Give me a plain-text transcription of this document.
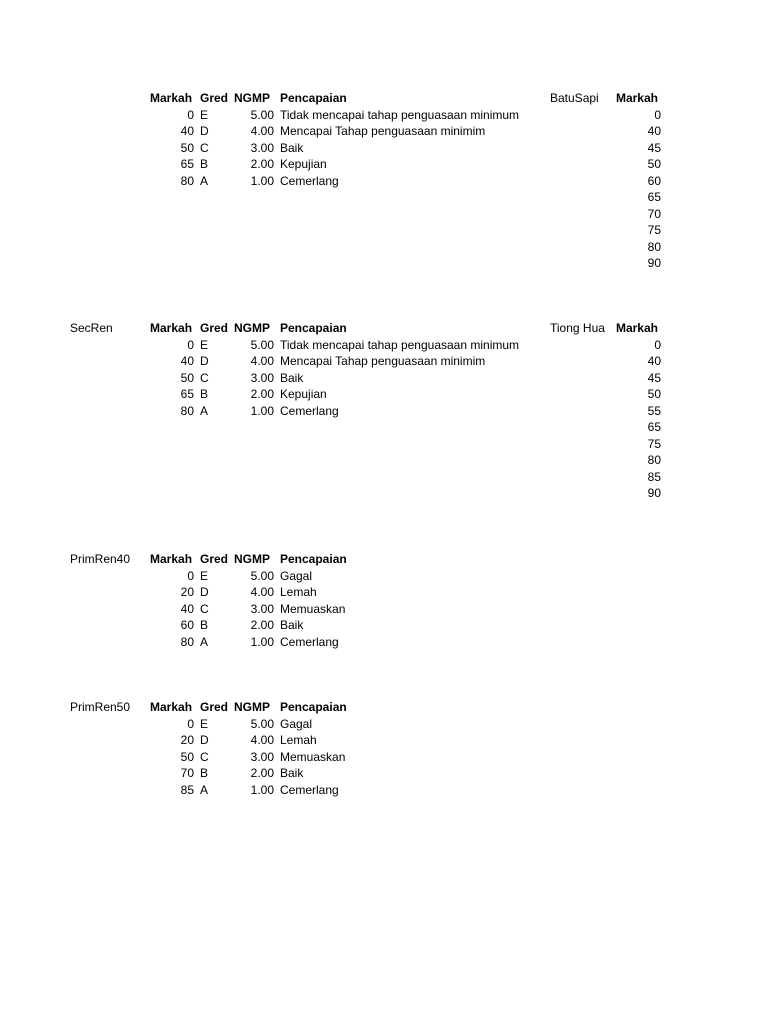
Markah Gred NGMP Pencapaian
0 E	5.00 Tidak mencapai tahap penguasaan minimum
40 D	4.00 Mencapai Tahap penguasaan minimim
50 C	3.00 Baik
65 B	2.00 Kepujian
80 A	1.00 Cemerlang
BatuSapi Markah
0
40
45
50
60
65
70
75
80
90
SecRen	Markah Gred NGMP Pencapaian
0 E	5.00 Tidak mencapai tahap penguasaan minimum
40 D	4.00 Mencapai Tahap penguasaan minimim
50 C	3.00 Baik
65 B	2.00 Kepujian
80 A	1.00 Cemerlang
Tiong Hua Markah
0
40
45
50
55
65
75
80
85
90
PrimRen40 Markah Gred NGMP Pencapaian
0 E	5.00 Gagal
20 D	4.00 Lemah
40 C	3.00 Memuaskan
60 B	2.00 Baik
80 A	1.00 Cemerlang
PrimRen50 Markah Gred NGMP Pencapaian
0 E	5.00 Gagal
20 D	4.00 Lemah
50 C	3.00 Memuaskan
70 B	2.00 Baik
85 A	1.00 Cemerlang
